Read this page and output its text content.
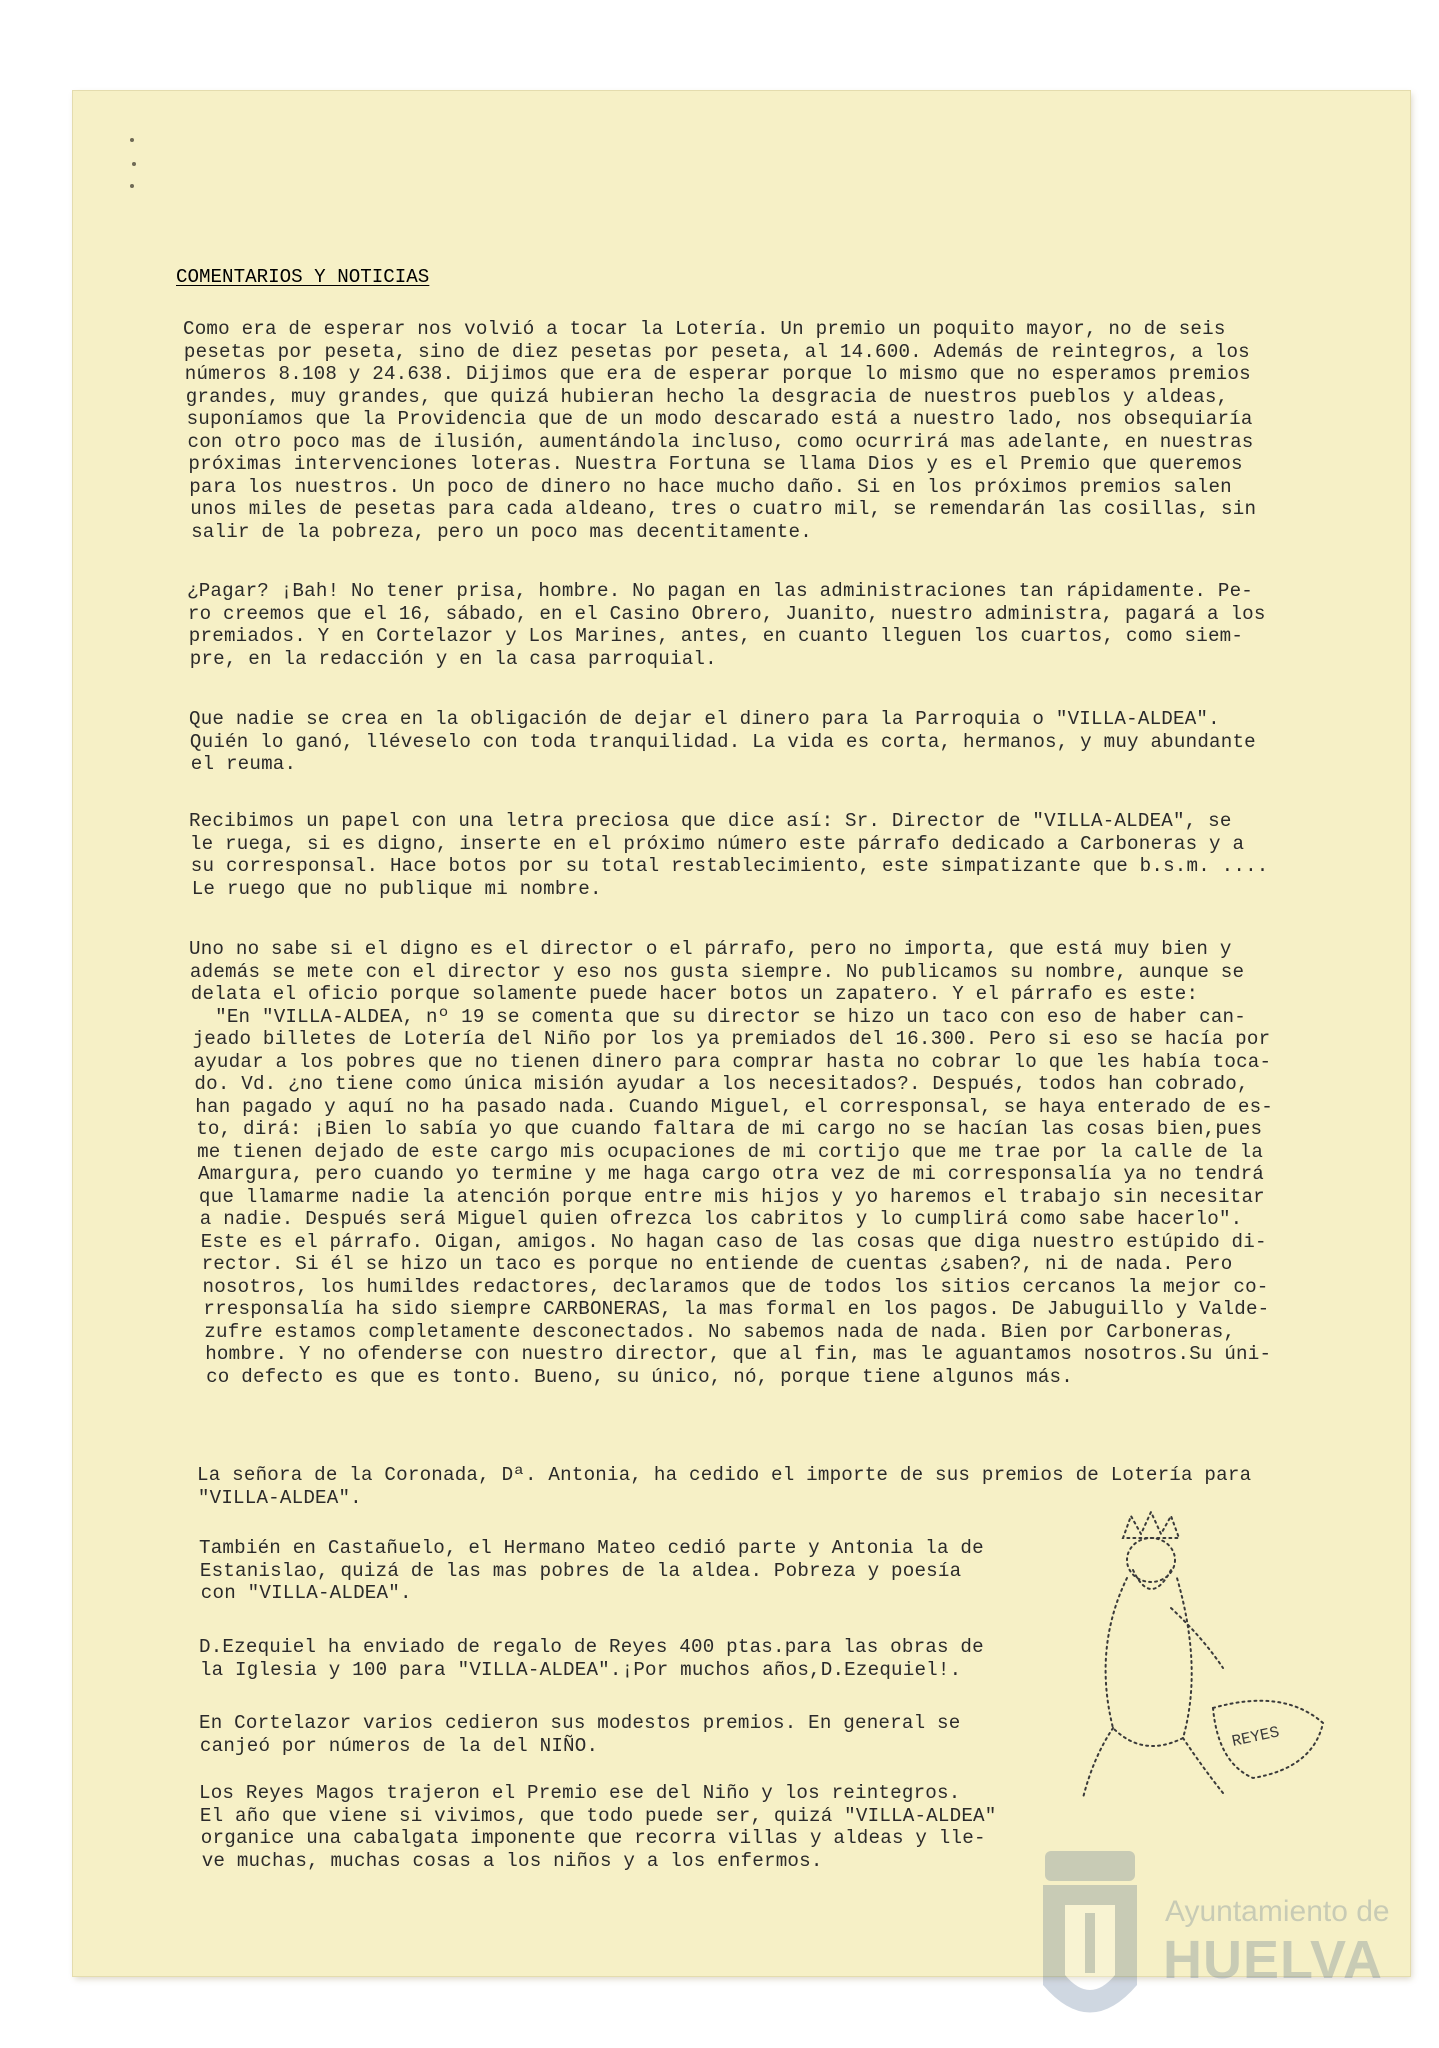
COMENTARIOS Y NOTICIAS
Como era de esperar nos volvió a tocar la Lotería. Un premio un poquito mayor, no de seis
pesetas por peseta, sino de diez pesetas por peseta, al 14.600. Además de reintegros, a los
números 8.108 y 24.638. Dijimos que era de esperar porque lo mismo que no esperamos premios
grandes, muy grandes, que quizá hubieran hecho la desgracia de nuestros pueblos y aldeas,
suponíamos que la Providencia que de un modo descarado está a nuestro lado, nos obsequiaría
con otro poco mas de ilusión, aumentándola incluso, como ocurrirá mas adelante, en nuestras
próximas intervenciones loteras. Nuestra Fortuna se llama Dios y es el Premio que queremos
para los nuestros. Un poco de dinero no hace mucho daño. Si en los próximos premios salen
unos miles de pesetas para cada aldeano, tres o cuatro mil, se remendarán las cosillas, sin
salir de la pobreza, pero un poco mas decentitamente.
¿Pagar? ¡Bah! No tener prisa, hombre. No pagan en las administraciones tan rápidamente. Pe-
ro creemos que el 16, sábado, en el Casino Obrero, Juanito, nuestro administra, pagará a los
premiados. Y en Cortelazor y Los Marines, antes, en cuanto lleguen los cuartos, como siem-
pre, en la redacción y en la casa parroquial.
Que nadie se crea en la obligación de dejar el dinero para la Parroquia o "VILLA-ALDEA".
Quién lo ganó, lléveselo con toda tranquilidad. La vida es corta, hermanos, y muy abundante
el reuma.
Recibimos un papel con una letra preciosa que dice así: Sr. Director de "VILLA-ALDEA", se
le ruega, si es digno, inserte en el próximo número este párrafo dedicado a Carboneras y a
su corresponsal. Hace botos por su total restablecimiento, este simpatizante que b.s.m. ....
Le ruego que no publique mi nombre.
Uno no sabe si el digno es el director o el párrafo, pero no importa, que está muy bien y
además se mete con el director y eso nos gusta siempre. No publicamos su nombre, aunque se
delata el oficio porque solamente puede hacer botos un zapatero. Y el párrafo es este:
"En "VILLA-ALDEA, nº 19 se comenta que su director se hizo un taco con eso de haber can-
jeado billetes de Lotería del Niño por los ya premiados del 16.300. Pero si eso se hacía por
ayudar a los pobres que no tienen dinero para comprar hasta no cobrar lo que les había toca-
do. Vd. ¿no tiene como única misión ayudar a los necesitados?. Después, todos han cobrado,
han pagado y aquí no ha pasado nada. Cuando Miguel, el corresponsal, se haya enterado de es-
to, dirá: ¡Bien lo sabía yo que cuando faltara de mi cargo no se hacían las cosas bien,pues
me tienen dejado de este cargo mis ocupaciones de mi cortijo que me trae por la calle de la
Amargura, pero cuando yo termine y me haga cargo otra vez de mi corresponsalía ya no tendrá
que llamarme nadie la atención porque entre mis hijos y yo haremos el trabajo sin necesitar
a nadie. Después será Miguel quien ofrezca los cabritos y lo cumplirá como sabe hacerlo".
Este es el párrafo. Oigan, amigos. No hagan caso de las cosas que diga nuestro estúpido di-
rector. Si él se hizo un taco es porque no entiende de cuentas ¿saben?, ni de nada. Pero
nosotros, los humildes redactores, declaramos que de todos los sitios cercanos la mejor co-
rresponsalía ha sido siempre CARBONERAS, la mas formal en los pagos. De Jabuguillo y Valde-
zufre estamos completamente desconectados. No sabemos nada de nada. Bien por Carboneras,
hombre. Y no ofenderse con nuestro director, que al fin, mas le aguantamos nosotros.Su úni-
co defecto es que es tonto. Bueno, su único, nó, porque tiene algunos más.
La señora de la Coronada, Dª. Antonia, ha cedido el importe de sus premios de Lotería para
"VILLA-ALDEA".
También en Castañuelo, el Hermano Mateo cedió parte y Antonia la de
Estanislao, quizá de las mas pobres de la aldea. Pobreza y poesía
con "VILLA-ALDEA".
D.Ezequiel ha enviado de regalo de Reyes 400 ptas.para las obras de
la Iglesia y 100 para "VILLA-ALDEA".¡Por muchos años,D.Ezequiel!.
En Cortelazor varios cedieron sus modestos premios. En general se
canjeó por números de la del NIÑO.
Los Reyes Magos trajeron el Premio ese del Niño y los reintegros.
El año que viene si vivimos, que todo puede ser, quizá "VILLA-ALDEA"
organice una cabalgata imponente que recorra villas y aldeas y lle-
ve muchas, muchas cosas a los niños y a los enfermos.
REYES
Ayuntamiento de
HUELVA
